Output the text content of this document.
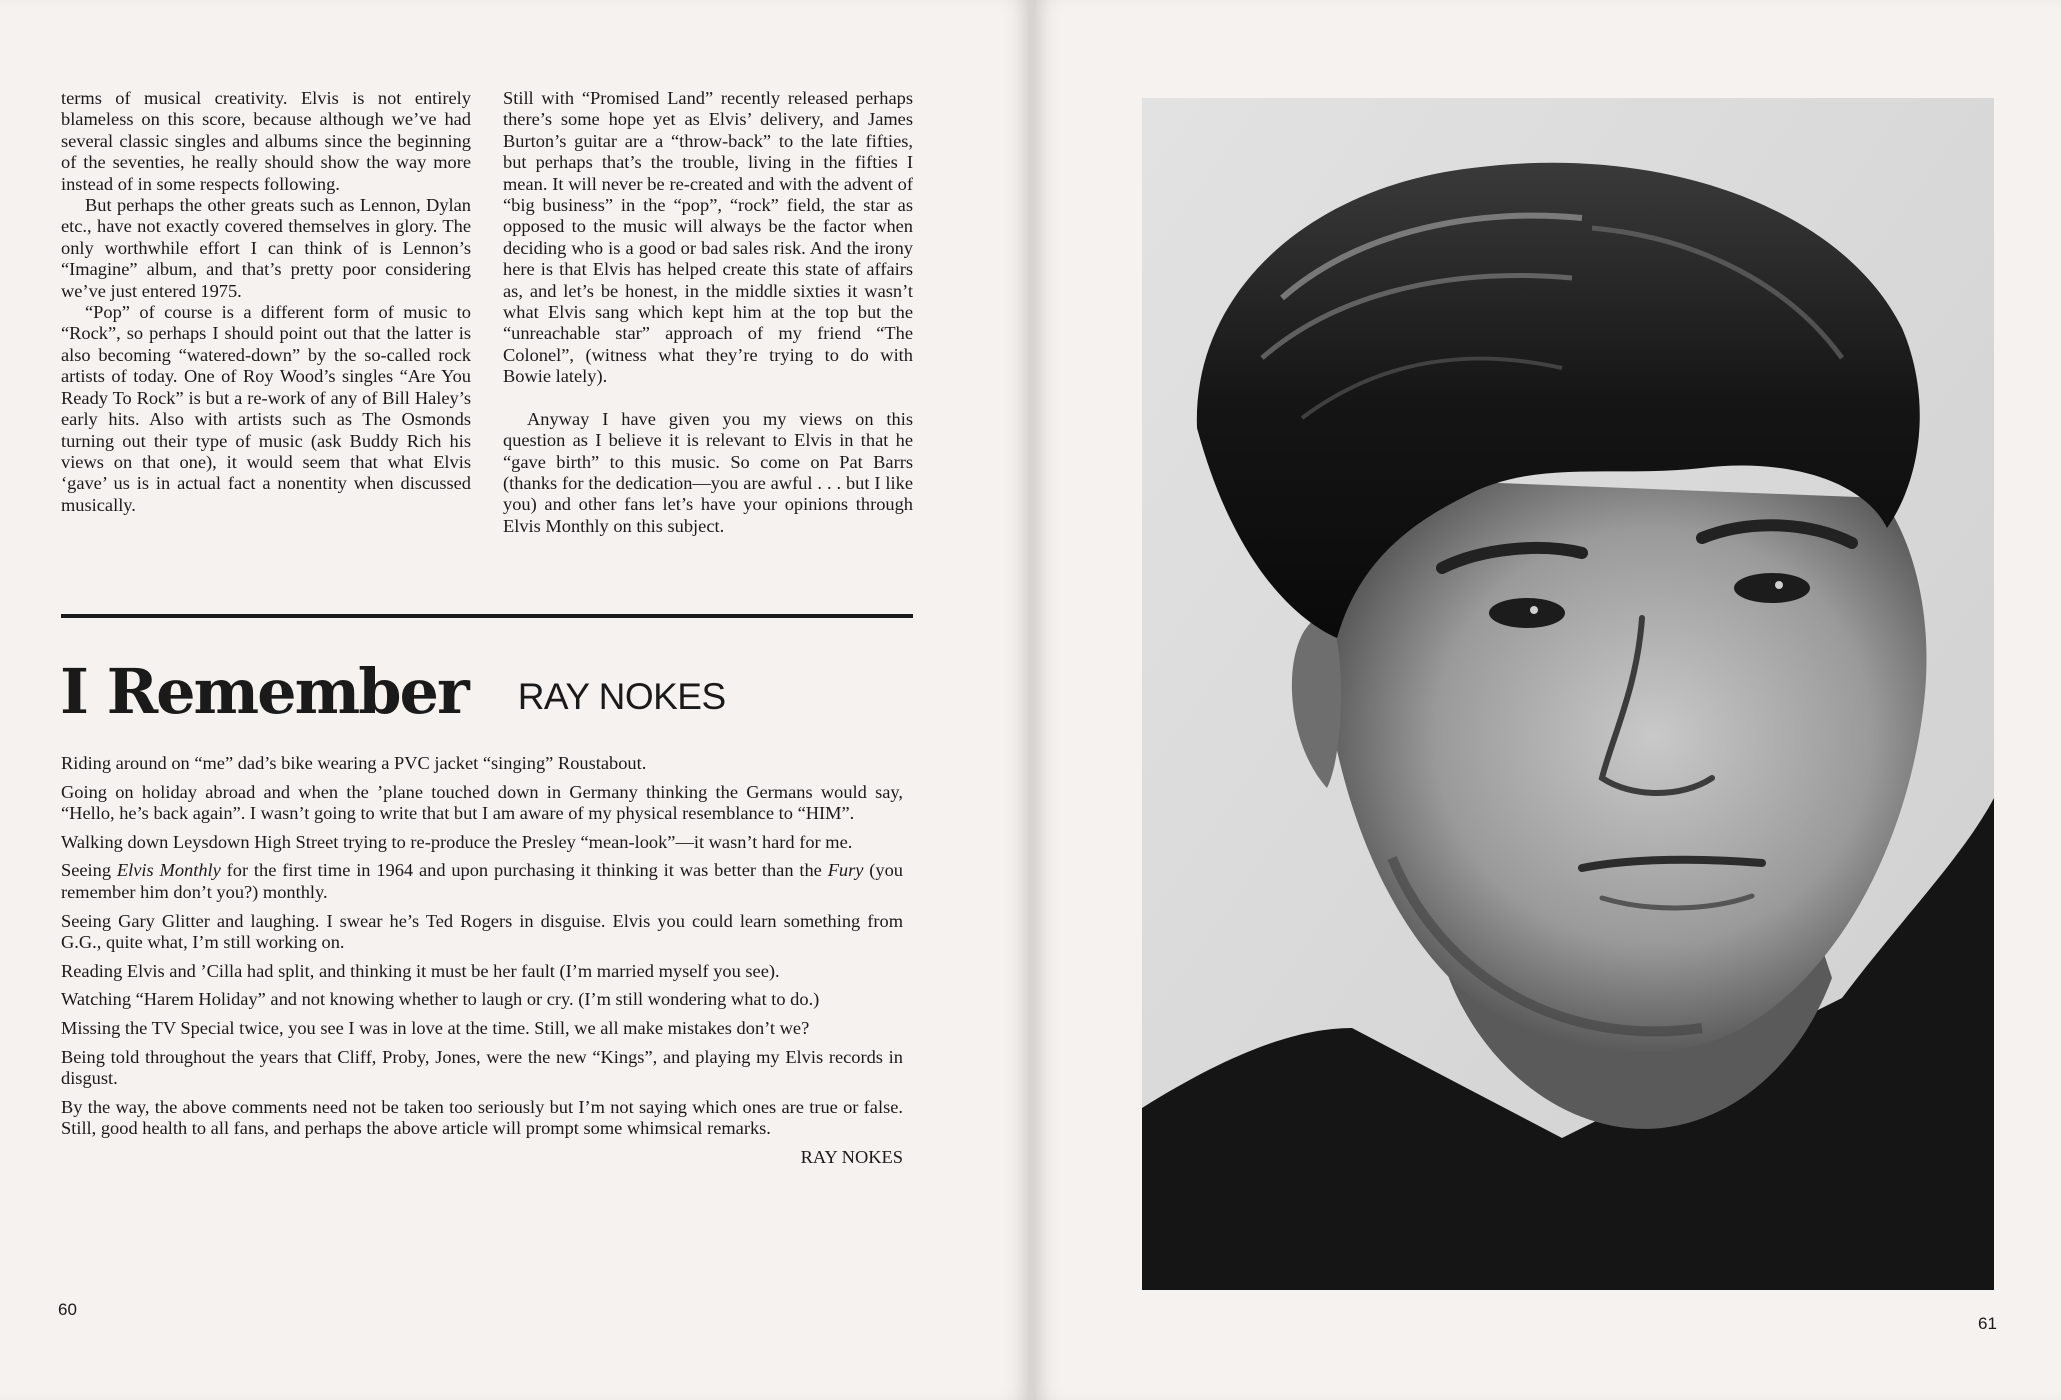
terms of musical creativity. Elvis is not entirely blameless on this score, because although we’ve had several classic singles and albums since the beginning of the seventies, he really should show the way more instead of in some respects following.

But perhaps the other greats such as Lennon, Dylan etc., have not exactly covered themselves in glory. The only worthwhile effort I can think of is Lennon’s “Imagine” album, and that’s pretty poor considering we’ve just entered 1975.

“Pop” of course is a different form of music to “Rock”, so perhaps I should point out that the latter is also becoming “watered-down” by the so-called rock artists of today. One of Roy Wood’s singles “Are You Ready To Rock” is but a re-work of any of Bill Haley’s early hits. Also with artists such as The Osmonds turning out their type of music (ask Buddy Rich his views on that one), it would seem that what Elvis ‘gave’ us is in actual fact a nonentity when discussed musically.

Still with “Promised Land” recently released perhaps there’s some hope yet as Elvis’ delivery, and James Burton’s guitar are a “throw-back” to the late fifties, but perhaps that’s the trouble, living in the fifties I mean. It will never be re-created and with the advent of “big business” in the “pop”, “rock” field, the star as opposed to the music will always be the factor when deciding who is a good or bad sales risk. And the irony here is that Elvis has helped create this state of affairs as, and let’s be honest, in the middle sixties it wasn’t what Elvis sang which kept him at the top but the “unreachable star” approach of my friend “The Colonel”, (witness what they’re trying to do with Bowie lately).

Anyway I have given you my views on this question as I believe it is relevant to Elvis in that he “gave birth” to this music. So come on Pat Barrs (thanks for the dedication—you are awful . . . but I like you) and other fans let’s have your opinions through Elvis Monthly on this subject.

I Remember RAY NOKES

Riding around on “me” dad’s bike wearing a PVC jacket “singing” Roustabout.

Going on holiday abroad and when the ’plane touched down in Germany thinking the Germans would say, “Hello, he’s back again”. I wasn’t going to write that but I am aware of my physical resemblance to “HIM”.

Walking down Leysdown High Street trying to re-produce the Presley “mean-look”—it wasn’t hard for me.

Seeing Elvis Monthly for the first time in 1964 and upon purchasing it thinking it was better than the Fury (you remember him don’t you?) monthly.

Seeing Gary Glitter and laughing. I swear he’s Ted Rogers in disguise. Elvis you could learn something from G.G., quite what, I’m still working on.

Reading Elvis and ’Cilla had split, and thinking it must be her fault (I’m married myself you see).

Watching “Harem Holiday” and not knowing whether to laugh or cry. (I’m still wondering what to do.)

Missing the TV Special twice, you see I was in love at the time. Still, we all make mistakes don’t we?

Being told throughout the years that Cliff, Proby, Jones, were the new “Kings”, and playing my Elvis records in disgust.

By the way, the above comments need not be taken too seriously but I’m not saying which ones are true or false. Still, good health to all fans, and perhaps the above article will prompt some whimsical remarks.

RAY NOKES

60
61
